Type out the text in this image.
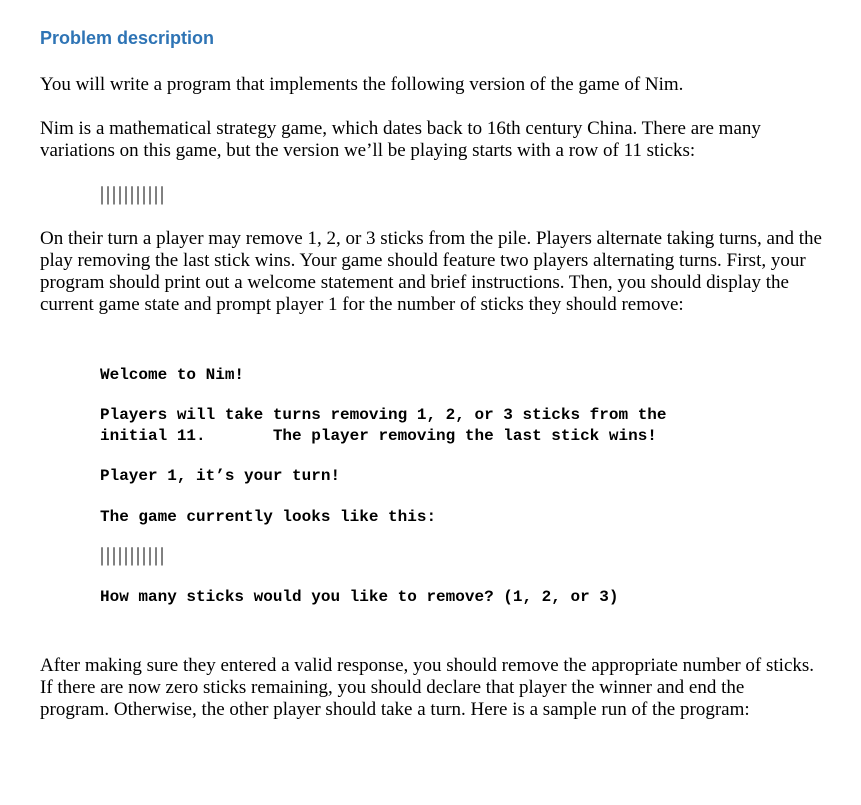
Problem description
You will write a program that implements the following version of the game of Nim.
Nim is a mathematical strategy game, which dates back to 16th century China. There are many variations on this game, but the version we’ll be playing starts with a row of 11 sticks:
|||||||||||
On their turn a player may remove 1, 2, or 3 sticks from the pile. Players alternate taking turns, and the play removing the last stick wins. Your game should feature two players alternating turns. First, your program should print out a welcome statement and brief instructions. Then, you should display the current game state and prompt player 1 for the number of sticks they should remove:
Welcome to Nim!
Players will take turns removing 1, 2, or 3 sticks from the
initial 11.       The player removing the last stick wins!
Player 1, it’s your turn!
The game currently looks like this:
|||||||||||
How many sticks would you like to remove? (1, 2, or 3)
After making sure they entered a valid response, you should remove the appropriate number of sticks. If there are now zero sticks remaining, you should declare that player the winner and end the program. Otherwise, the other player should take a turn. Here is a sample run of the program:
